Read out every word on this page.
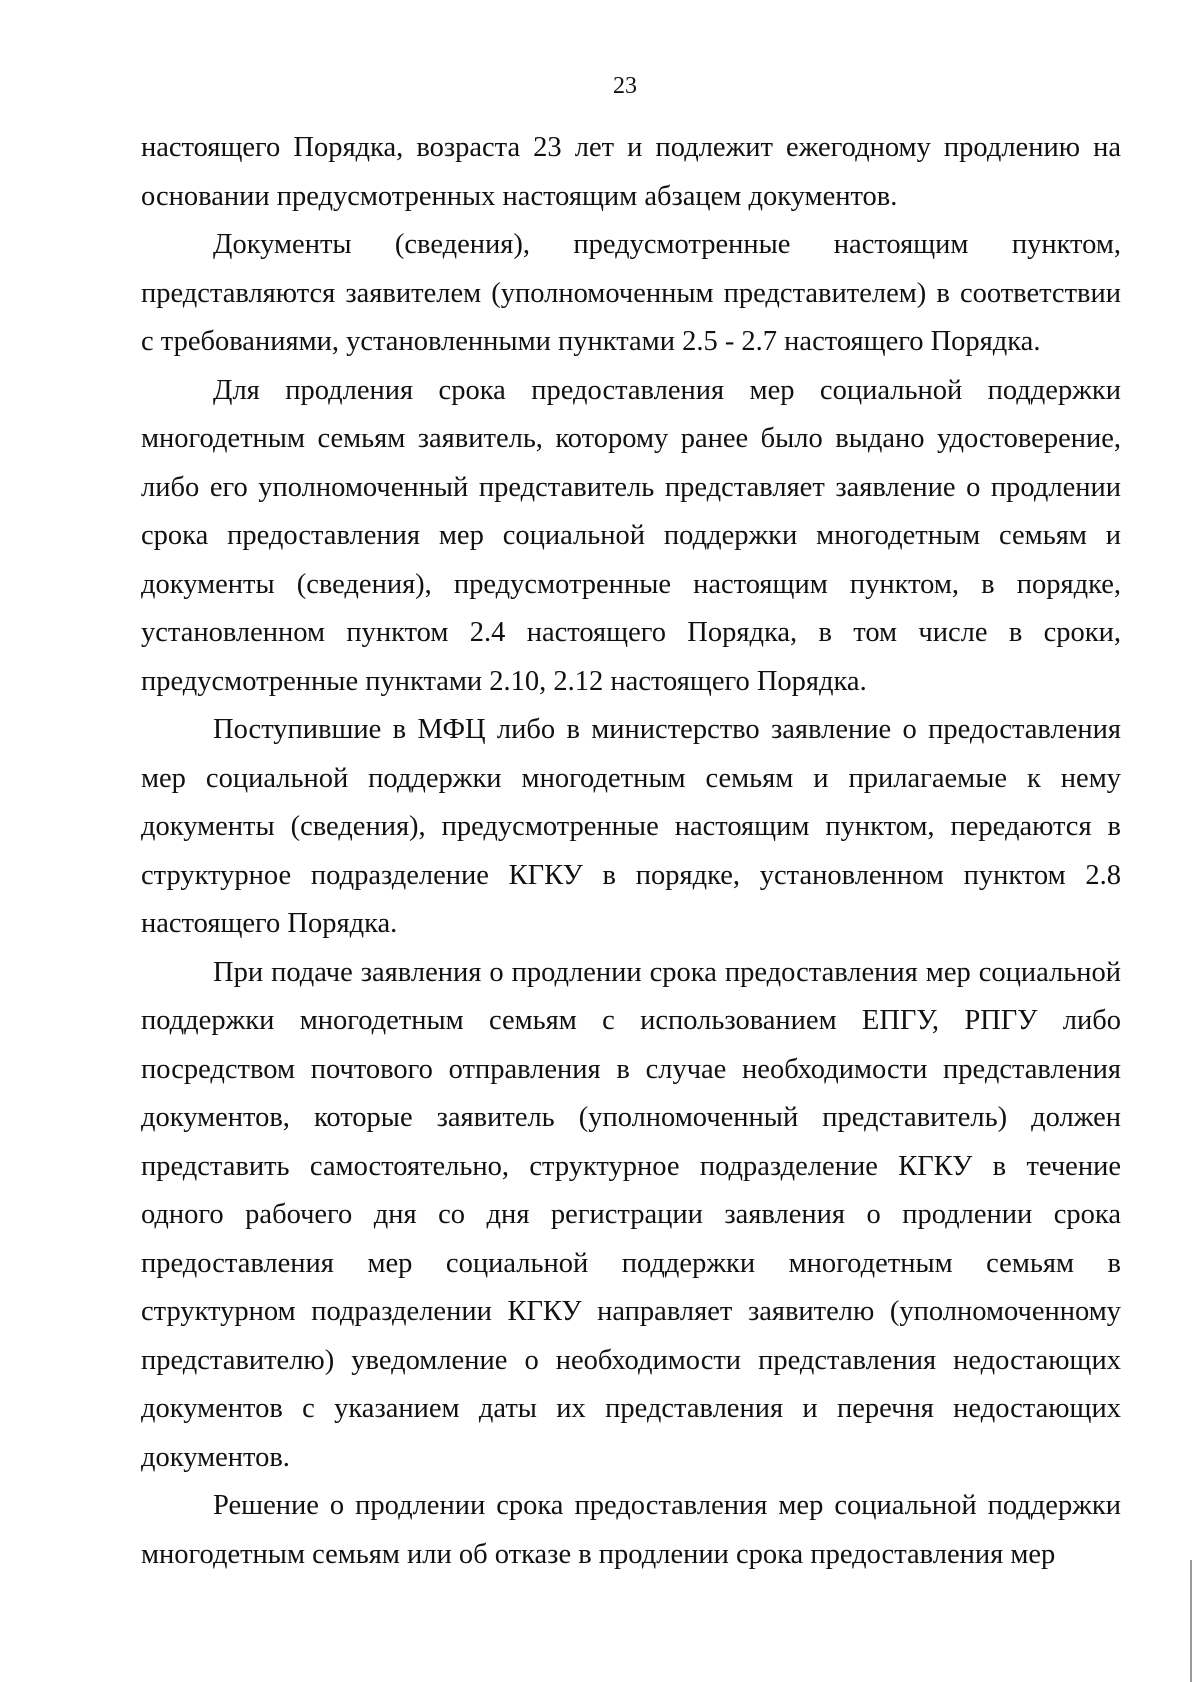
23

настоящего Порядка, возраста 23 лет и подлежит ежегодному продлению на основании предусмотренных настоящим абзацем документов.

Документы (сведения), предусмотренные настоящим пунктом, представляются заявителем (уполномоченным представителем) в соответствии с требованиями, установленными пунктами 2.5 - 2.7 настоящего Порядка.

Для продления срока предоставления мер социальной поддержки многодетным семьям заявитель, которому ранее было выдано удостоверение, либо его уполномоченный представитель представляет заявление о продлении срока предоставления мер социальной поддержки многодетным семьям и документы (сведения), предусмотренные настоящим пунктом, в порядке, установленном пунктом 2.4 настоящего Порядка, в том числе в сроки, предусмотренные пунктами 2.10, 2.12 настоящего Порядка.

Поступившие в МФЦ либо в министерство заявление о предоставления мер социальной поддержки многодетным семьям и прилагаемые к нему документы (сведения), предусмотренные настоящим пунктом, передаются в структурное подразделение КГКУ в порядке, установленном пунктом 2.8 настоящего Порядка.

При подаче заявления о продлении срока предоставления мер социальной поддержки многодетным семьям с использованием ЕПГУ, РПГУ либо посредством почтового отправления в случае необходимости представления документов, которые заявитель (уполномоченный представитель) должен представить самостоятельно, структурное подразделение КГКУ в течение одного рабочего дня со дня регистрации заявления о продлении срока предоставления мер социальной поддержки многодетным семьям в структурном подразделении КГКУ направляет заявителю (уполномоченному представителю) уведомление о необходимости представления недостающих документов с указанием даты их представления и перечня недостающих документов.

Решение о продлении срока предоставления мер социальной поддержки многодетным семьям или об отказе в продлении срока предоставления мер
